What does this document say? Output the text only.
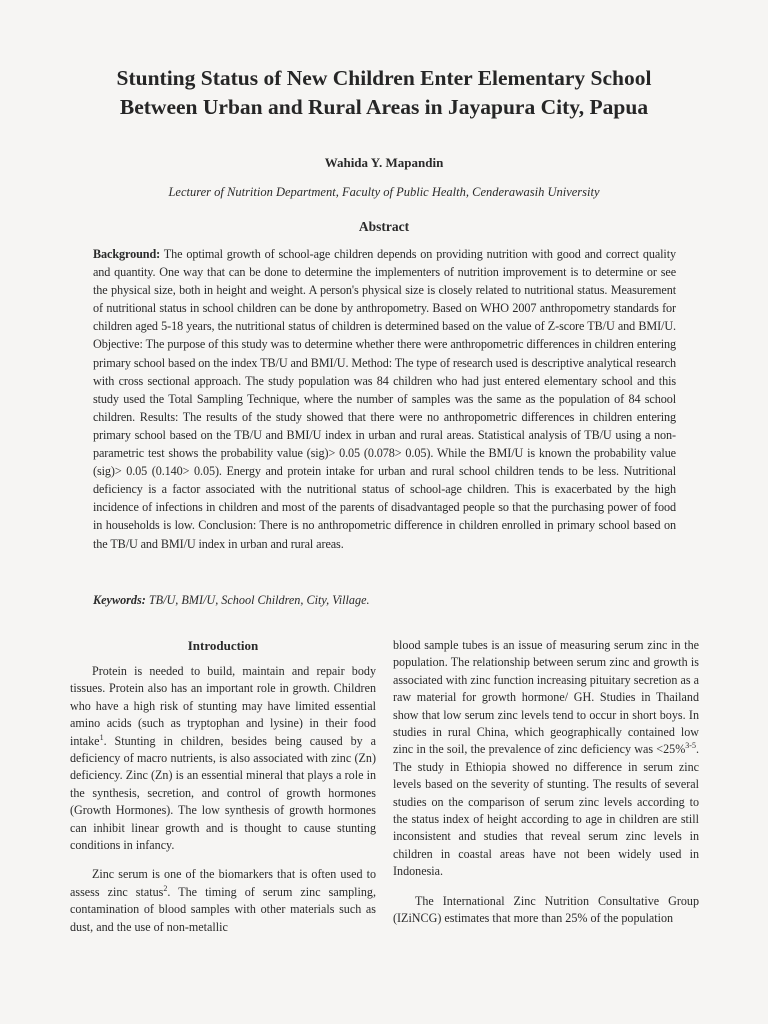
Stunting Status of New Children Enter Elementary School
Between Urban and Rural Areas in Jayapura City, Papua
Wahida Y. Mapandin
Lecturer of Nutrition Department, Faculty of Public Health, Cenderawasih University
Abstract
Background: The optimal growth of school-age children depends on providing nutrition with good and correct quality and quantity. One way that can be done to determine the implementers of nutrition improvement is to determine or see the physical size, both in height and weight. A person's physical size is closely related to nutritional status. Measurement of nutritional status in school children can be done by anthropometry. Based on WHO 2007 anthropometry standards for children aged 5-18 years, the nutritional status of children is determined based on the value of Z-score TB/U and BMI/U. Objective: The purpose of this study was to determine whether there were anthropometric differences in children entering primary school based on the index TB/U and BMI/U. Method: The type of research used is descriptive analytical research with cross sectional approach. The study population was 84 children who had just entered elementary school and this study used the Total Sampling Technique, where the number of samples was the same as the population of 84 school children. Results: The results of the study showed that there were no anthropometric differences in children entering primary school based on the TB/U and BMI/U index in urban and rural areas. Statistical analysis of TB/U using a non-parametric test shows the probability value (sig)> 0.05 (0.078> 0.05). While the BMI/U is known the probability value (sig)> 0.05 (0.140> 0.05). Energy and protein intake for urban and rural school children tends to be less. Nutritional deficiency is a factor associated with the nutritional status of school-age children. This is exacerbated by the high incidence of infections in children and most of the parents of disadvantaged people so that the purchasing power of food in households is low. Conclusion: There is no anthropometric difference in children enrolled in primary school based on the TB/U and BMI/U index in urban and rural areas.
Keywords: TB/U, BMI/U, School Children, City, Village.
Introduction

Protein is needed to build, maintain and repair body tissues. Protein also has an important role in growth. Children who have a high risk of stunting may have limited essential amino acids (such as tryptophan and lysine) in their food intake$^1$. Stunting in children, besides being caused by a deficiency of macro nutrients, is also associated with zinc (Zn) deficiency. Zinc (Zn) is an essential mineral that plays a role in the synthesis, secretion, and control of growth hormones (Growth Hormones). The low synthesis of growth hormones can inhibit linear growth and is thought to cause stunting conditions in infancy.

Zinc serum is one of the biomarkers that is often used to assess zinc status$^2$. The timing of serum zinc sampling, contamination of blood samples with other materials such as dust, and the use of non-metallic

blood sample tubes is an issue of measuring serum zinc in the population. The relationship between serum zinc and growth is associated with zinc function increasing pituitary secretion as a raw material for growth hormone/ GH. Studies in Thailand show that low serum zinc levels tend to occur in short boys. In studies in rural China, which geographically contained low zinc in the soil, the prevalence of zinc deficiency was <25%$^{3-5}$. The study in Ethiopia showed no difference in serum zinc levels based on the severity of stunting. The results of several studies on the comparison of serum zinc levels according to the status index of height according to age in children are still inconsistent and studies that reveal serum zinc levels in children in coastal areas have not been widely used in Indonesia.

The International Zinc Nutrition Consultative Group (IZiNCG) estimates that more than 25% of the population
